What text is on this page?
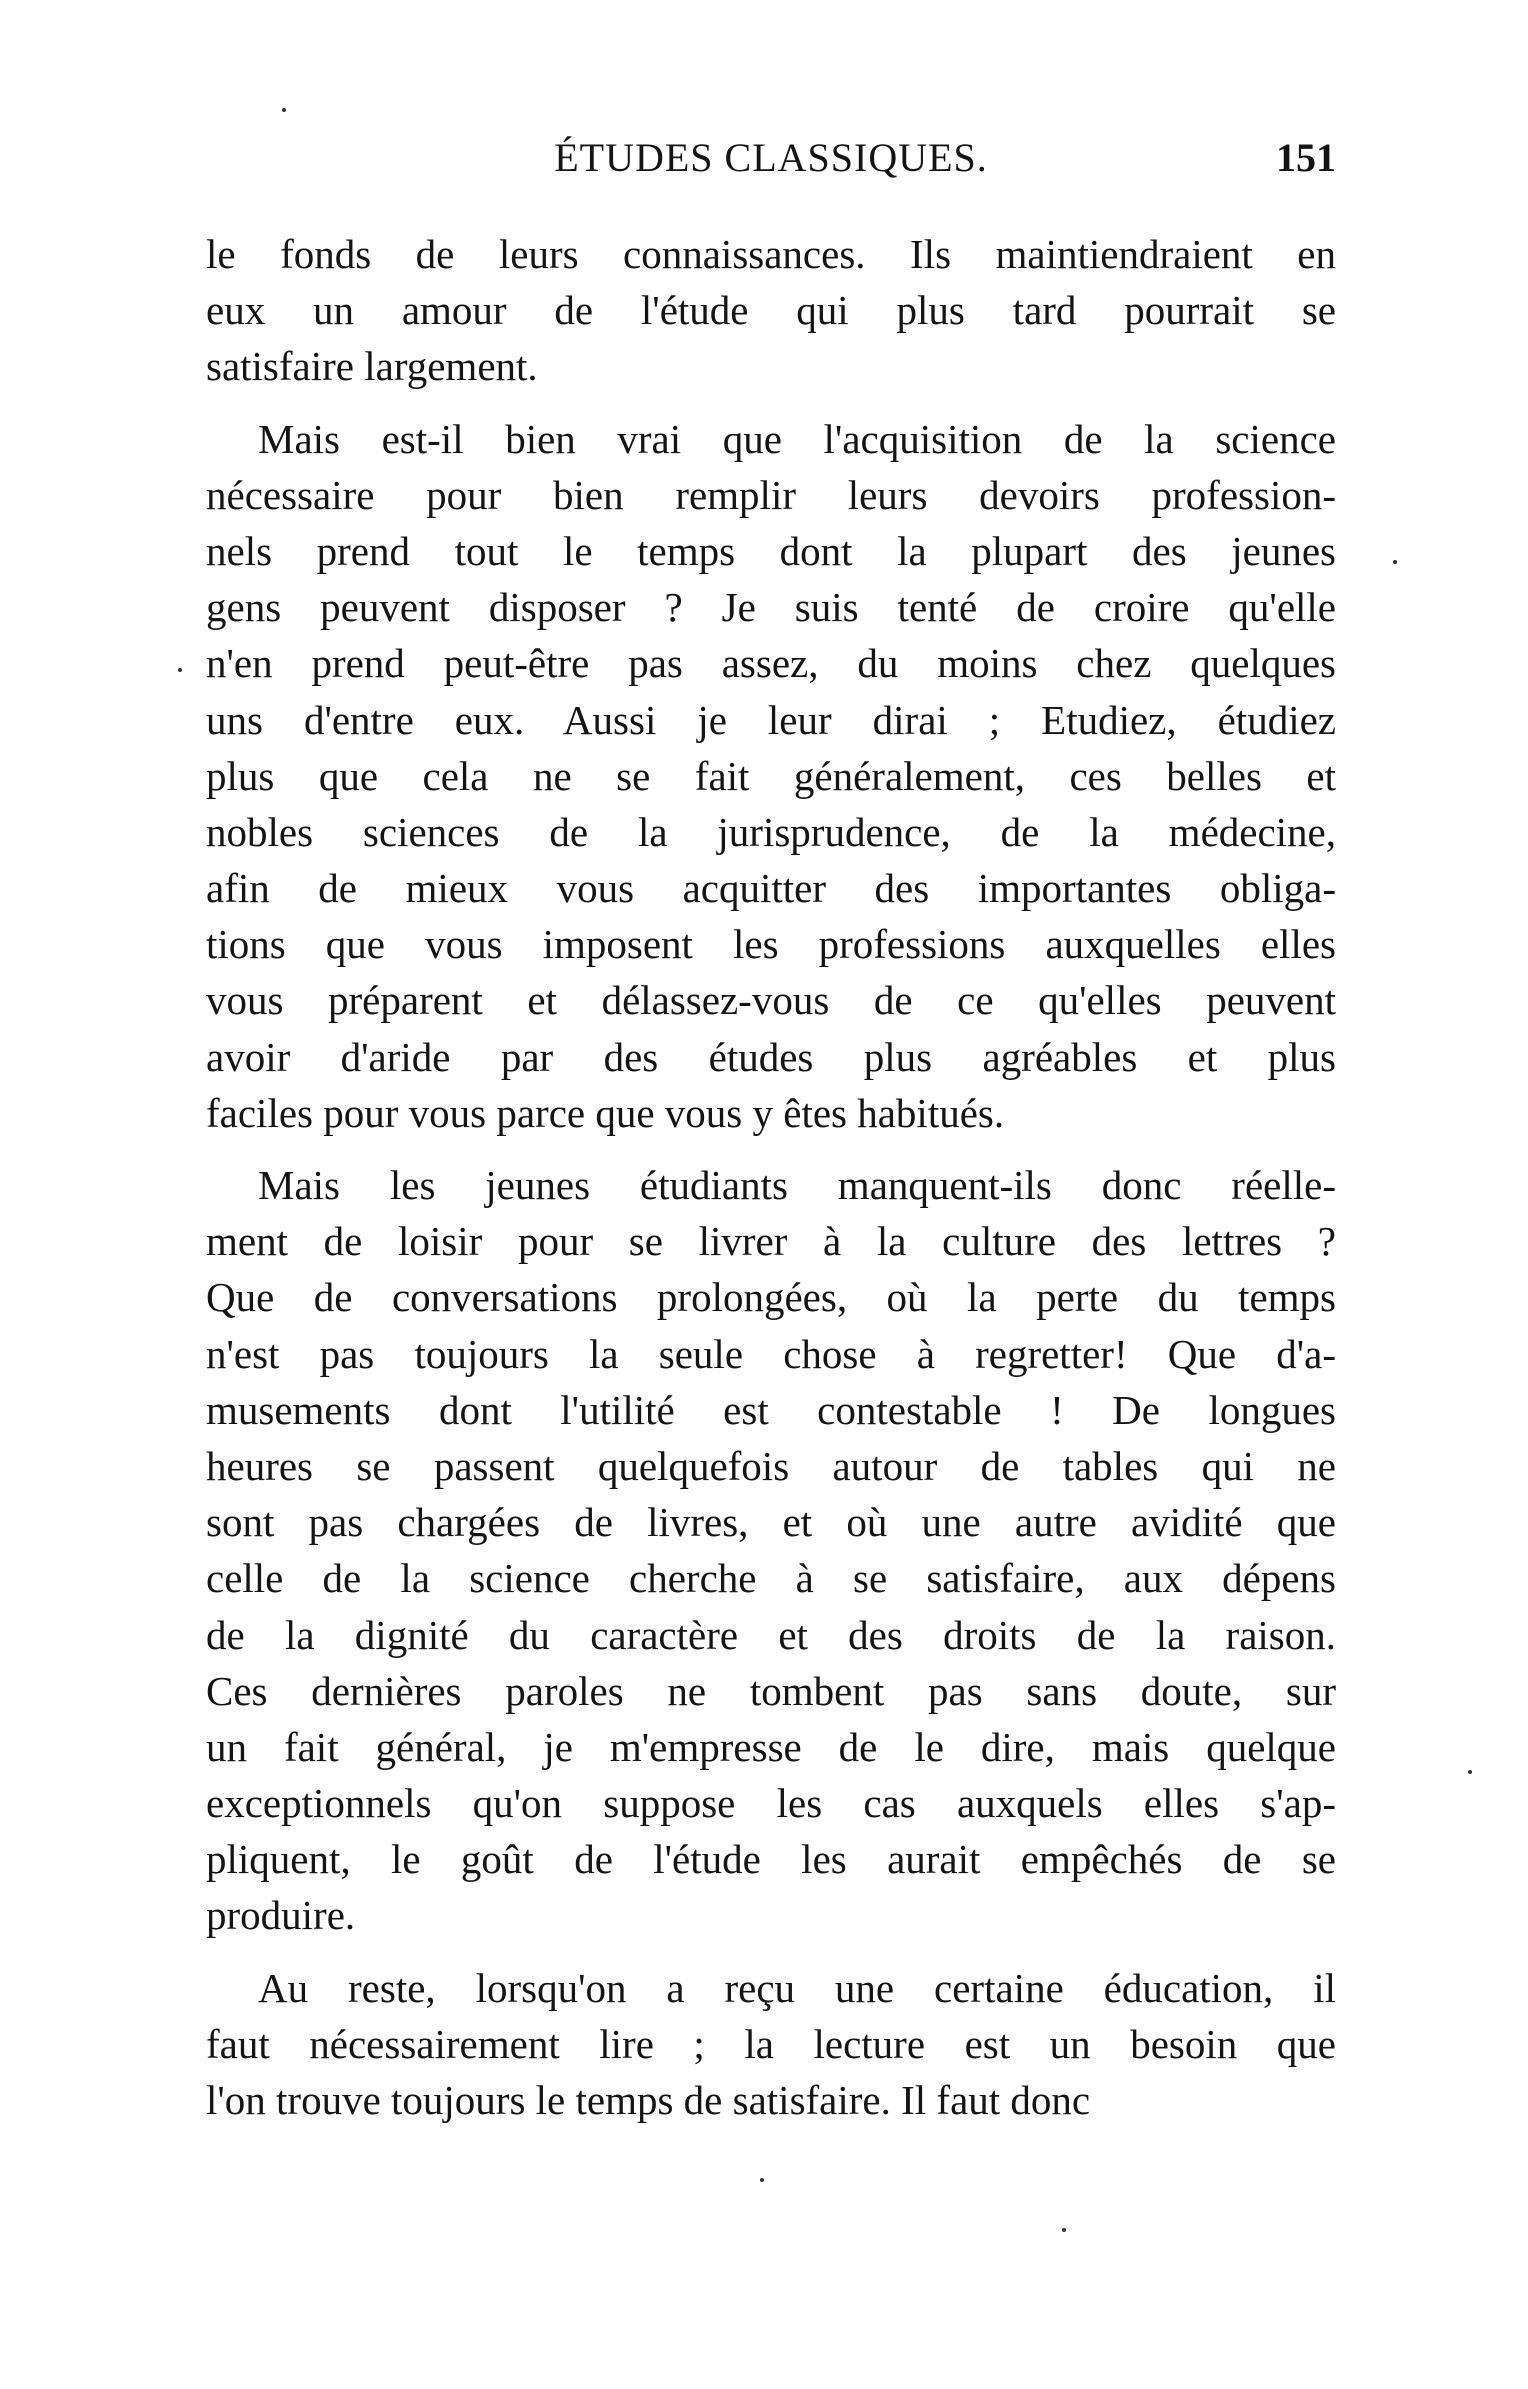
ÉTUDES CLASSIQUES.	151
le fonds de leurs connaissances. Ils maintiendraient en
eux un amour de l'étude qui plus tard pourrait se
satisfaire largement.
Mais est-il bien vrai que l'acquisition de la science
nécessaire pour bien remplir leurs devoirs profession-
nels prend tout le temps dont la plupart des jeunes
gens peuvent disposer ? Je suis tenté de croire qu'elle
n'en prend peut-être pas assez, du moins chez quelques
uns d'entre eux. Aussi je leur dirai ; Etudiez, étudiez
plus que cela ne se fait généralement, ces belles et
nobles sciences de la jurisprudence, de la médecine,
afin de mieux vous acquitter des importantes obliga-
tions que vous imposent les professions auxquelles elles
vous préparent et délassez-vous de ce qu'elles peuvent
avoir d'aride par des études plus agréables et plus
faciles pour vous parce que vous y êtes habitués.
Mais les jeunes étudiants manquent-ils donc réelle-
ment de loisir pour se livrer à la culture des lettres ?
Que de conversations prolongées, où la perte du temps
n'est pas toujours la seule chose à regretter! Que d'a-
musements dont l'utilité est contestable ! De longues
heures se passent quelquefois autour de tables qui ne
sont pas chargées de livres, et où une autre avidité que
celle de la science cherche à se satisfaire, aux dépens
de la dignité du caractère et des droits de la raison.
Ces dernières paroles ne tombent pas sans doute, sur
un fait général, je m'empresse de le dire, mais quelque
exceptionnels qu'on suppose les cas auxquels elles s'ap-
pliquent, le goût de l'étude les aurait empêchés de se
produire.
Au reste, lorsqu'on a reçu une certaine éducation, il
faut nécessairement lire ; la lecture est un besoin que
l'on trouve toujours le temps de satisfaire. Il faut donc
